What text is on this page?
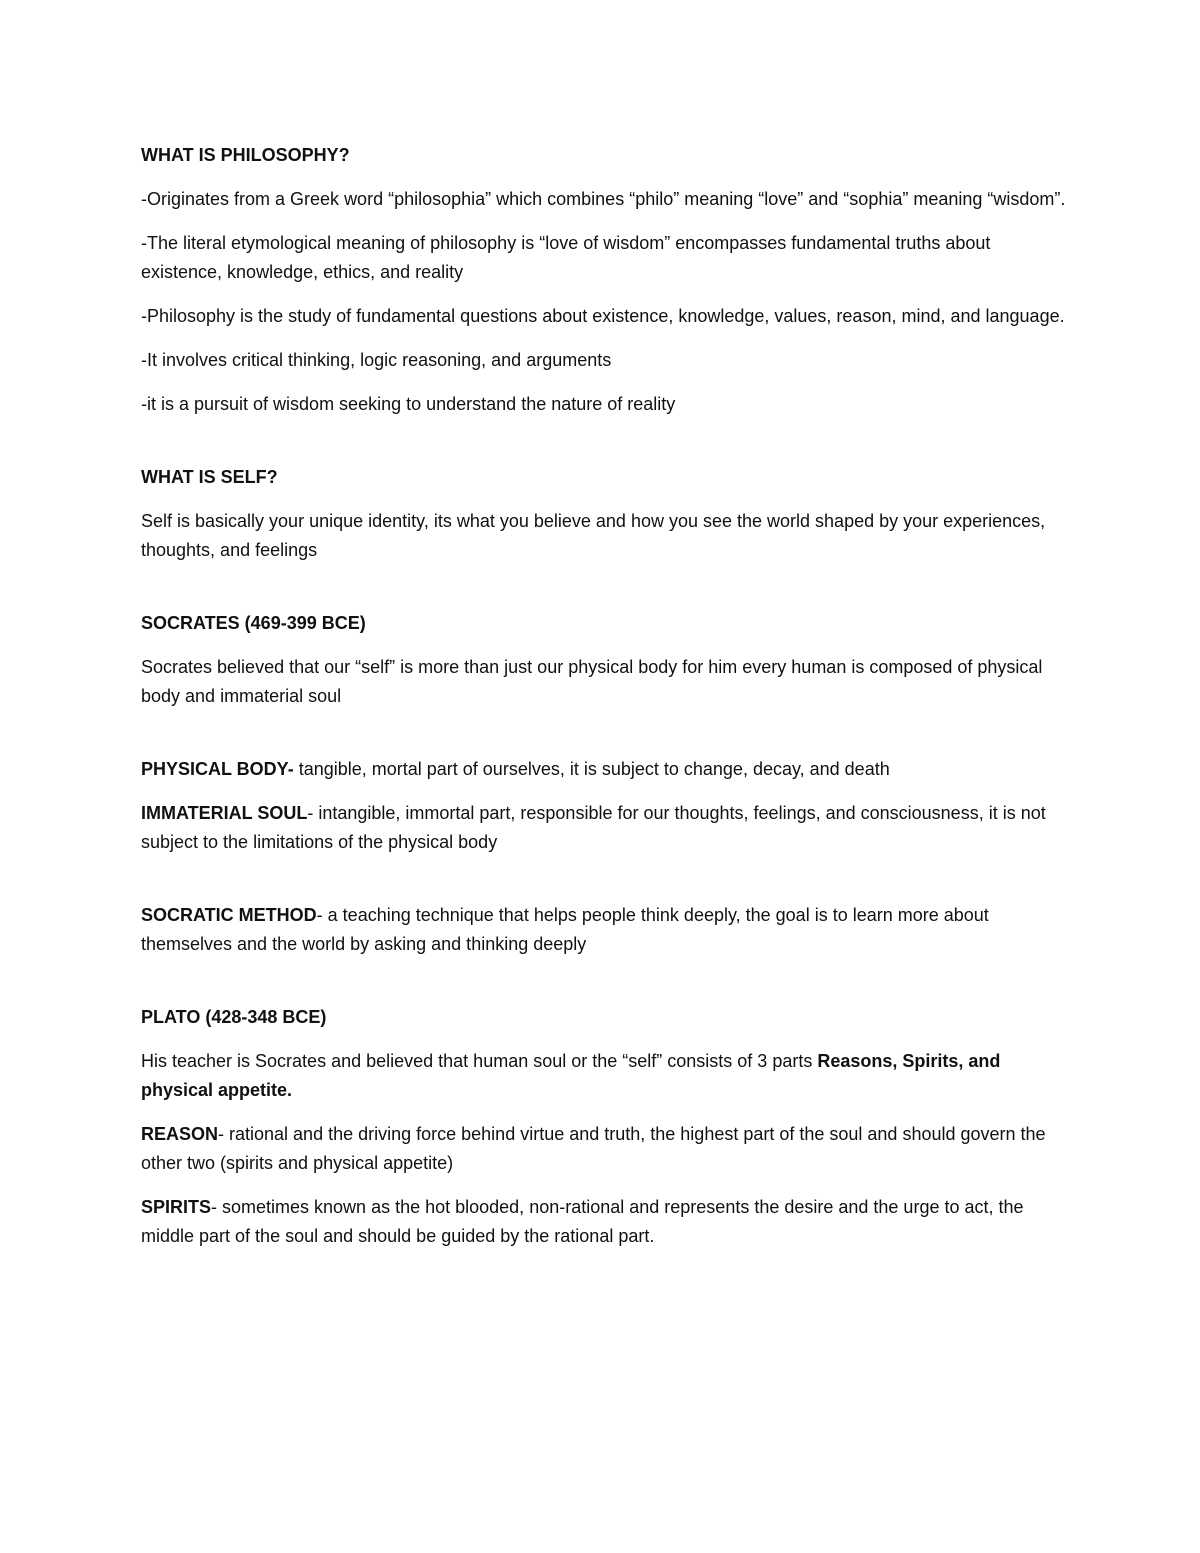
WHAT IS PHILOSOPHY?
-Originates from a Greek word “philosophia” which combines “philo” meaning “love” and “sophia” meaning “wisdom”.
-The literal etymological meaning of philosophy is “love of wisdom” encompasses fundamental truths about existence, knowledge, ethics, and reality
-Philosophy is the study of fundamental questions about existence, knowledge, values, reason, mind, and language.
-It involves critical thinking, logic reasoning, and arguments
-it is a pursuit of wisdom seeking to understand the nature of reality
WHAT IS SELF?
Self is basically your unique identity, its what you believe and how you see the world shaped by your experiences, thoughts, and feelings
SOCRATES (469-399 BCE)
Socrates believed that our “self” is more than just our physical body for him every human is composed of physical body and immaterial soul
PHYSICAL BODY- tangible, mortal part of ourselves, it is subject to change, decay, and death
IMMATERIAL SOUL- intangible, immortal part, responsible for our thoughts, feelings, and consciousness, it is not subject to the limitations of the physical body
SOCRATIC METHOD- a teaching technique that helps people think deeply, the goal is to learn more about themselves and the world by asking and thinking deeply
PLATO (428-348 BCE)
His teacher is Socrates and believed that human soul or the “self” consists of 3 parts Reasons, Spirits, and physical appetite.
REASON- rational and the driving force behind virtue and truth, the highest part of the soul and should govern the other two (spirits and physical appetite)
SPIRITS- sometimes known as the hot blooded, non-rational and represents the desire and the urge to act, the middle part of the soul and should be guided by the rational part.
